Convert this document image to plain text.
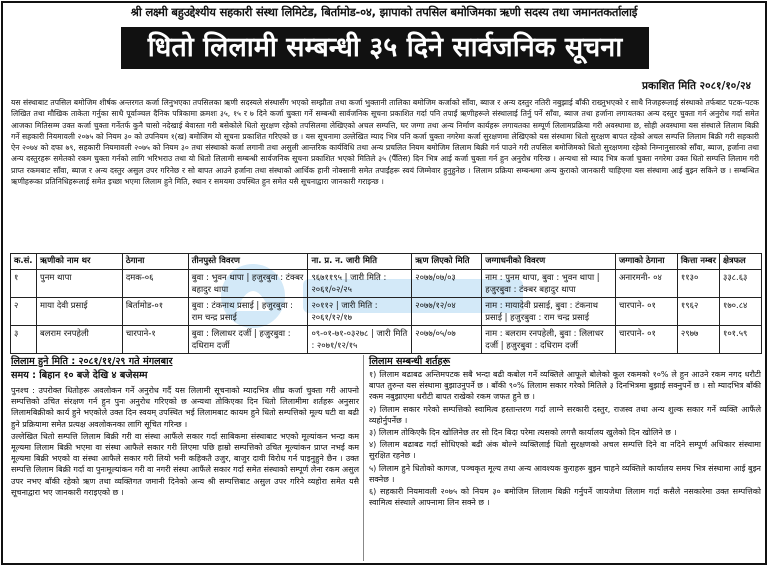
श्री लक्ष्मी बहुउद्देश्यीय सहकारी संस्था लिमिटेड, बिर्तामोड-०४, झापाको तपसिल बमोजिमका ऋणी सदस्य तथा जमानतकर्तालाई
धितो लिलामी सम्बन्धी ३५ दिने सार्वजनिक सूचना
प्रकाशित मिति २०८१/१०/२४
यस संस्थाबाट तपसिल बमोजिम शीर्षक अन्तरगत कर्जा लिनुभएका तपसिलका ऋणी सदस्यले संस्थासँग भएको सम्झौता तथा कर्जा भुक्तानी तालिका बमोजिम कर्जाको साँवा, ब्याज र अन्य दस्तुर नतिरी नबुझाई बाँकी राख्नुभएको र साथै निजहरूलाई संस्थाको तर्फबाट पटक-पटक लिखित तथा मौखिक ताकेता गर्नुका साथै पूर्वाञ्चल दैनिक पत्रिकामा क्रमशः ३५, १५ र ७ दिने कर्जा चुक्ता गर्ने सम्बन्धी सार्वजनिक सूचना प्रकाशित गर्दा पनि तपाईं ऋणीहरूले संस्थालाई तिर्नु पर्ने साँवा, ब्याज तथा हर्जाना लगायतका अन्य दस्तुर चुक्ता गर्न अनुरोध गर्दा समेत आजका मितिसम्म उक्त कर्जा चुक्ता गर्नेतर्फ कुनै चासो नदेखाई बेवास्ता गरी बसेकोले धितो सुरक्षण रहेको तपसिलमा लेखिएको अचल सम्पत्ति, घर जग्गा तथा अन्य निर्माण कार्यहरू लगायतका सम्पूर्ण लिलामप्रक्रिया गरी अवस्थामा छ, सोही अवस्थामा यस संस्थाले लिलाम बिक्री गर्ने सहकारी नियमावली २०७५ को नियम ३० को उपनियम १(ख) बमोजिम यो सूचना प्रकाशित गरिएको छ । यस सूचनामा उल्लेखित म्याद भित्र पनि कर्जा चुक्ता नगरेमा कर्जा सुरक्षणमा लेखिएको यस संस्थामा धितो सुरक्षण बापत रहेको अचल सम्पत्ति लिलाम बिक्री गरी सहकारी ऐन २०७४ को दफा ७९, सहकारी नियमावली २०७५ को नियम ३० तथा संस्थाको कर्जा लगानी तथा असुली आन्तरिक कार्यविधि तथा अन्य प्रचलित नियम बमोजिम लिलाम बिक्री गर्न पाउने गरी तपसिल बमोजिमको धितो सुरक्षणमा रहेको निम्नानुसारको साँवा, ब्याज, हर्जाना तथा अन्य दस्तुरहरू समेतको रकम चुक्ता गर्नको लागि भरिभराउ तथा यो धितो लिलामी सम्बन्धी सार्वजनिक सूचना प्रकाशित भएको मितिले ३५ (पैँतिस) दिन भित्र आई कर्जा चुक्ता गर्न हुन अनुरोध गरिन्छ । अन्यथा सो म्याद भित्र कर्जा चुक्ता नगरेमा उक्त धितो सम्पत्ति लिलाम गरी प्राप्त रकमबाट साँवा, ब्याज र अन्य दस्तुर असुल उपर गरिनेछ र सो बापत आउने हर्जाना तथा संस्थाको आर्थिक हानी नोक्सानी समेत तपाईंहरू स्वयं जिम्मेवार हुनुहुनेछ । लिलाम प्रक्रिया सम्बन्धमा अन्य कुराको जानकारी चाहिएमा यस संस्थामा आई बुझ्न सकिने छ । सम्बन्धित ऋणीहरूका प्रतिनिधिहरूलाई समेत इच्छा भएमा लिलाम हुने मिति, स्थान र समयमा उपस्थित हुन समेत यसै सूचनाद्वारा जानकारी गराइन्छ ।
क.सं.	ऋणीको नाम थर	ठेगाना	तीनपुस्ते विवरण	ना. प्र. न. जारी मिति	ऋण लिएको मिति	जग्गाधनीको विवरण	जग्गाको ठेगाना	कित्ता नम्बर	क्षेत्रफल
१	पुनम थापा	दमक-०६	बुवा : भुवन थापा | हजुरबुवा : टंक्बर बहादुर थापा	९६७११९५ | जारी मिति : २०६१/०२/२५	२०७७/०७/०३	नाम : पुनम थापा, बुवा : भुवन थापा | हजुरबुवा : टंक्बर बहादुर थापा	अनारमनी- ०४	११३०	३३८.६३
२	माया देवी प्रसाई	बिर्तामोड-०१	बुवा : टंकनाथ प्रसाई | हजुरबुवा : राम चन्द्र प्रसाई	२०११२ | जारी मिति : २०६१/१२/१७	२०७७/१२/०४	नाम : मायादेवी प्रसाई, बुवा : टंकनाथ प्रसाई | हजुरबुवा : राम चन्द्र प्रसाई	चारपाने- ०१	१९६२	१७०.८४
३	बलराम रनपहेली	चारपाने-१	बुवा : लिलाधर दर्जी | हजुरबुवा : दधिराम दर्जी	०९-०१-७१-०३२७८ | जारी मिति : २०७१/१२/१५	२०७७/०५/०७	नाम : बलराम रनपहेली, बुवा : लिलाधर दर्जी | हजुरबुवा : दधिराम दर्जी	चारपाने- ०१	२९७७	१०१.५९
लिलाम हुने मिति : २०८१/११/२९ गते मंगलबार
समय : बिहान १० बजे देखि ४ बजेसम्म
पुनश्च : उपरोक्त धितोहरू अवलोकन गर्ने अनुरोध गर्दै यस लिलामी सूचनाको म्यादभित्र शीघ्र कर्जा चुक्ता गरी आफ्नो सम्पत्तिको उचित संरक्षण गर्न हुन पुनः अनुरोध गरिएको छ अन्यथा तोकिएका दिन धितो लिलामीमा शर्तहरू अनुसार लिलामबिक्रीको कार्य हुने भएकोले उक्त दिन स्वयम् उपस्थित भई लिलामबाट कायम हुने धितो सम्पत्तिको मूल्य घटी वा बढी हुने प्रक्रियामा समेत प्रत्यक्ष अवलोकनका लागि सूचित गरिन्छ ।
उल्लेखित धितो सम्पत्ति लिलाम बिक्री गरी वा संस्था आफैंले सकार गर्दा साबिकमा संस्थाबाट भएको मूल्यांकन भन्दा कम मूल्यमा लिलाम बिक्री भएमा वा संस्था आफैले सकार गरी लिएमा पछि हाम्रो सम्पत्तिको उचित मूल्यांकन प्राप्त नभई कम मूल्यमा बिक्री भएको वा संस्था आफैले सकार गरी लियो भनी कहिकतै उजुर, बाजुर दावी विरोध गर्न पाइनुहुने छैन । उक्त सम्पत्ति लिलाम बिक्री गर्दा वा पुनःमूल्यांकन गरी वा नगरी संस्था आफैंले सकार गर्दा समेत संस्थाको सम्पूर्ण लेना रकम असुल उपर नभए बाँकी रहेको ऋण तथा व्यक्तिगत जमानी दिनेको अन्य श्री सम्पत्तिबाट असुल उपर गरिने व्यहोरा समेत यसै सूचनाद्वारा भए जानकारी गराइएको छ ।
लिलाम सम्बन्धी शर्तहरू
१) लिलाम बढाबढ अन्तिमपटक सबै भन्दा बढी कबोल गर्ने व्यक्तिले आफूले बोलेको कूल रकमको १०% ले हुन आउने रकम नगद धरौटी बापत तुरुन्त यस संस्थामा बुझाउनुपर्ने छ । बाँकी ९०% लिलाम सकार गरेको मितिले ३ दिनभित्रमा बुझाई सक्नुपर्ने छ । सो म्यादभित्र बाँकी रकम नबुझाएमा धरौटी बापत राखेको रकम जफत हुने छ ।
२) लिलाम सकार गरेको सम्पत्तिको स्वामित्व हस्तान्तरण गर्दा लाग्ने सरकारी दस्तुर, राजस्व तथा अन्य शुल्क सकार गर्ने व्यक्ति आफैंले व्यहोर्नुपर्नेछ ।
३) लिलाम तोकिएकै दिन खोलिनेछ तर सो दिन बिदा परेमा त्यसको लगत्तै कार्यालय खुलेको दिन खोलिने छ ।
४) लिलाम बढाबढ गर्दा सोधिएको बढी अंक बोल्ने व्यक्तिलाई धितो सुरक्षणको अचल सम्पत्ति दिने वा नदिने सम्पूर्ण अधिकार संस्थामा सुरक्षित रहनेछ ।
५) लिलाम हुने धितोको कागज, पञ्चकृत मूल्य तथा अन्य आवश्यक कुराहरू बुझ्न चाहने व्यक्तिले कार्यालय समय भित्र संस्थामा आई बुझ्न सक्नेछ ।
६) सहकारी नियमावली २०७५ को नियम ३० बमोजिम लिलाम बिक्री गर्नुपर्ने जायजेथा लिलाम गर्दा कसैले नसकारेमा उक्त सम्पत्तिको स्वामित्व संस्थाले आफ्नामा लिन सक्ने छ ।
